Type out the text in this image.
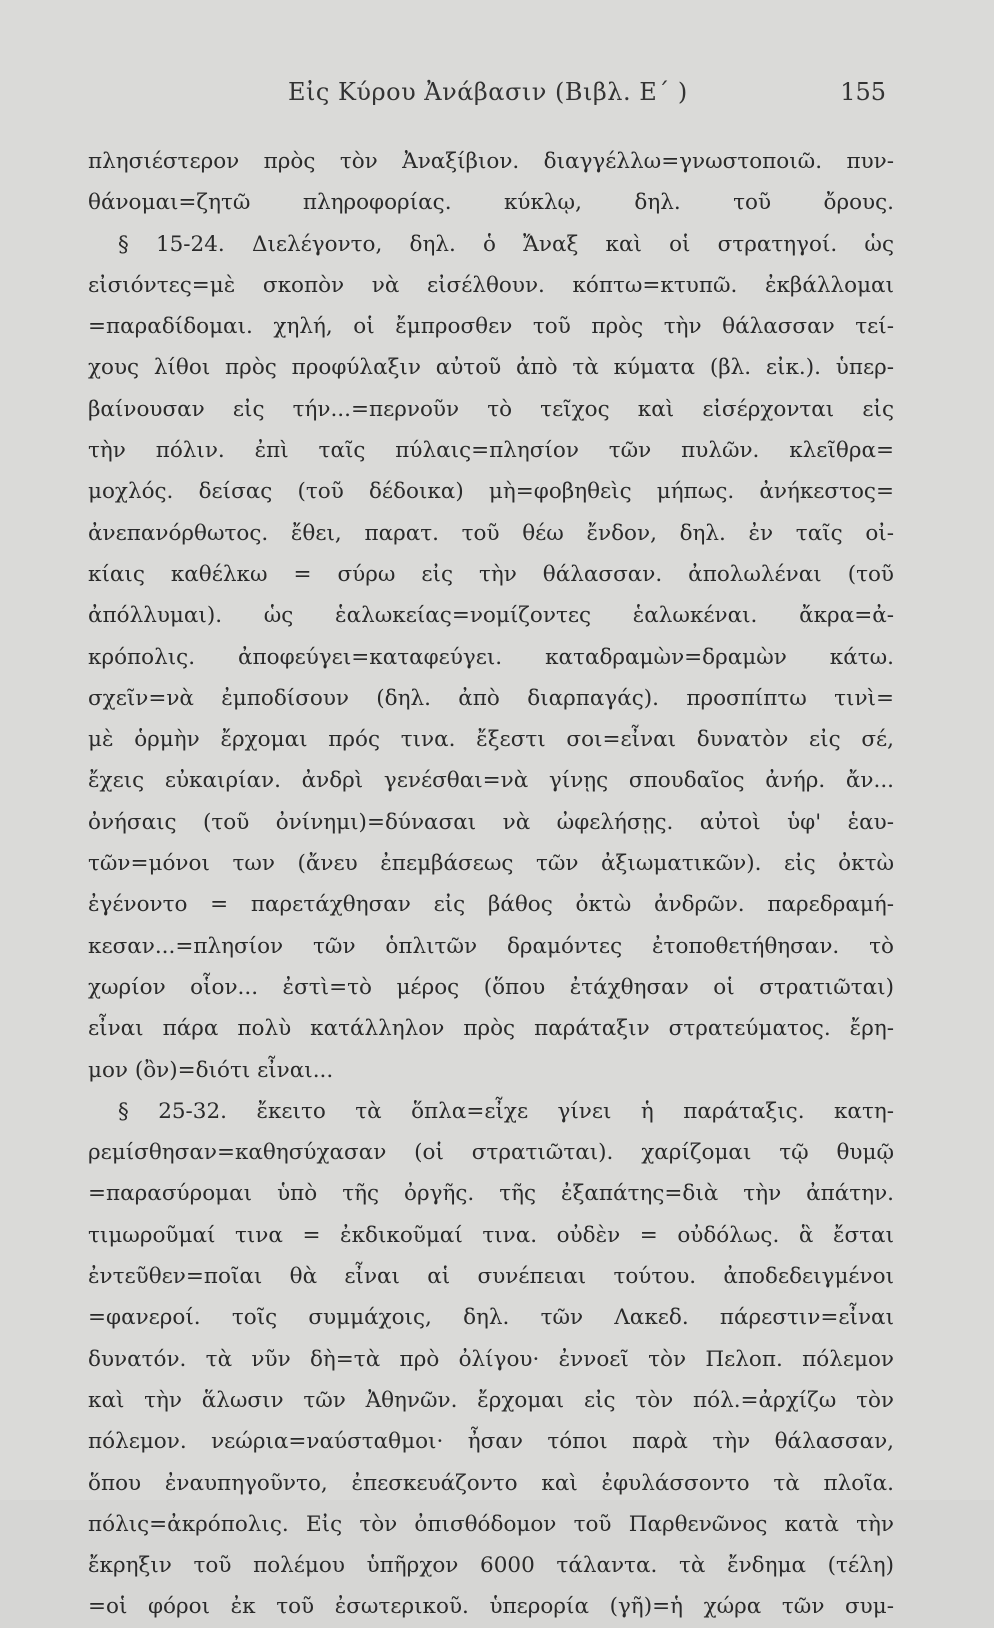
Εἰς Κύρου Ἀνάβασιν (Βιβλ. Ε΄ )	155
πλησιέστερον πρὸς τὸν Ἀναξίβιον. διαγγέλλω=γνωστοποιῶ. πυν-
θάνομαι=ζητῶ πληροφορίας. κύκλῳ, δηλ. τοῦ ὄρους.
§ 15-24. Διελέγοντο, δηλ. ὁ Ἄναξ καὶ οἱ στρατηγοί. ὡς
εἰσιόντες=μὲ σκοπὸν νὰ εἰσέλθουν. κόπτω=κτυπῶ. ἐκβάλλομαι
=παραδίδομαι. χηλή, οἱ ἔμπροσθεν τοῦ πρὸς τὴν θάλασσαν τεί-
χους λίθοι πρὸς προφύλαξιν αὐτοῦ ἀπὸ τὰ κύματα (βλ. εἰκ.). ὑπερ-
βαίνουσαν εἰς τήν...=περνοῦν τὸ τεῖχος καὶ εἰσέρχονται εἰς
τὴν πόλιν. ἐπὶ ταῖς πύλαις=πλησίον τῶν πυλῶν. κλεῖθρα=
μοχλός. δείσας (τοῦ δέδοικα) μὴ=φοβηθεὶς μήπως. ἀνήκεστος=
ἀνεπανόρθωτος. ἔθει, παρατ. τοῦ θέω ἔνδον, δηλ. ἐν ταῖς οἰ-
κίαις καθέλκω = σύρω εἰς τὴν θάλασσαν. ἀπολωλέναι (τοῦ
ἀπόλλυμαι). ὡς ἑαλωκείας=νομίζοντες ἑαλωκέναι. ἄκρα=ἀ-
κρόπολις. ἀποφεύγει=καταφεύγει. καταδραμὼν=δραμὼν κάτω.
σχεῖν=νὰ ἐμποδίσουν (δηλ. ἀπὸ διαρπαγάς). προσπίπτω τινὶ=
μὲ ὁρμὴν ἔρχομαι πρός τινα. ἔξεστι σοι=εἶναι δυνατὸν εἰς σέ,
ἔχεις εὐκαιρίαν. ἀνδρὶ γενέσθαι=νὰ γίνῃς σπουδαῖος ἀνήρ. ἄν...
ὀνήσαις (τοῦ ὀνίνημι)=δύνασαι νὰ ὠφελήσῃς. αὐτοὶ ὑφ' ἑαυ-
τῶν=μόνοι των (ἄνευ ἐπεμβάσεως τῶν ἀξιωματικῶν). εἰς ὀκτὼ
ἐγένοντο = παρετάχθησαν εἰς βάθος ὀκτὼ ἀνδρῶν. παρεδραμή-
κεσαν...=πλησίον τῶν ὁπλιτῶν δραμόντες ἐτοποθετήθησαν. τὸ
χωρίον οἷον... ἐστὶ=τὸ μέρος (ὅπου ἐτάχθησαν οἱ στρατιῶται)
εἶναι πάρα πολὺ κατάλληλον πρὸς παράταξιν στρατεύματος. ἔρη-
μον (ὂν)=διότι εἶναι...
§ 25-32. ἔκειτο τὰ ὅπλα=εἶχε γίνει ἡ παράταξις. κατη-
ρεμίσθησαν=καθησύχασαν (οἱ στρατιῶται). χαρίζομαι τῷ θυμῷ
=παρασύρομαι ὑπὸ τῆς ὀργῆς. τῆς ἐξαπάτης=διὰ τὴν ἀπάτην.
τιμωροῦμαί τινα = ἐκδικοῦμαί τινα. οὐδὲν = οὐδόλως. ἃ ἔσται
ἐντεῦθεν=ποῖαι θὰ εἶναι αἱ συνέπειαι τούτου. ἀποδεδειγμένοι
=φανεροί. τοῖς συμμάχοις, δηλ. τῶν Λακεδ. πάρεστιν=εἶναι
δυνατόν. τὰ νῦν δὴ=τὰ πρὸ ὀλίγου· ἐννοεῖ τὸν Πελοπ. πόλεμον
καὶ τὴν ἅλωσιν τῶν Ἀθηνῶν. ἔρχομαι εἰς τὸν πόλ.=ἀρχίζω τὸν
πόλεμον. νεώρια=ναύσταθμοι· ἦσαν τόποι παρὰ τὴν θάλασσαν,
ὅπου ἐναυπηγοῦντο, ἐπεσκευάζοντο καὶ ἐφυλάσσοντο τὰ πλοῖα.
πόλις=ἀκρόπολις. Εἰς τὸν ὀπισθόδομον τοῦ Παρθενῶνος κατὰ τὴν
ἔκρηξιν τοῦ πολέμου ὑπῆρχον 6000 τάλαντα. τὰ ἔνδημα (τέλη)
=οἱ φόροι ἐκ τοῦ ἐσωτερικοῦ. ὑπερορία (γῆ)=ἡ χώρα τῶν συμ-
